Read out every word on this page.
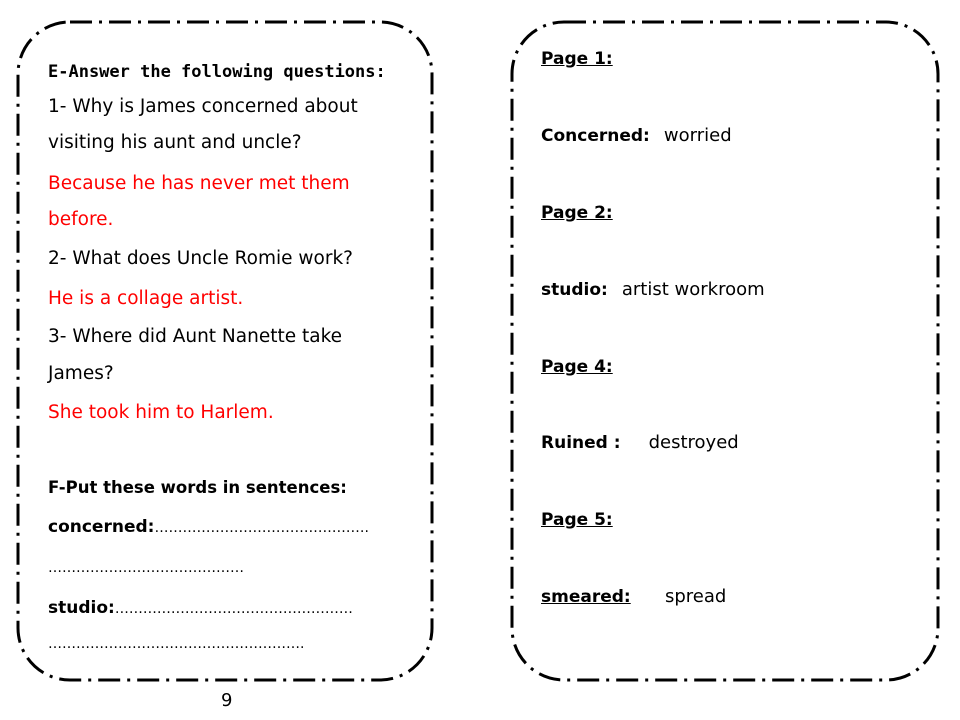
E-Answer the following questions:
1- Why is James concerned about
visiting his aunt and uncle?
Because he has never met them
before.
2- What does Uncle Romie work?
He is a collage artist.
3- Where did Aunt Nanette take
James?
She took him to Harlem.
F-Put these words in sentences:
concerned:……………………………………….
……………………………………
studio:……………………………………………
……………………………………………….
9
Page 1:
Concerned: worried
Page 2:
studio: artist workroom
Page 4:
Ruined : destroyed
Page 5:
smeared: spread
